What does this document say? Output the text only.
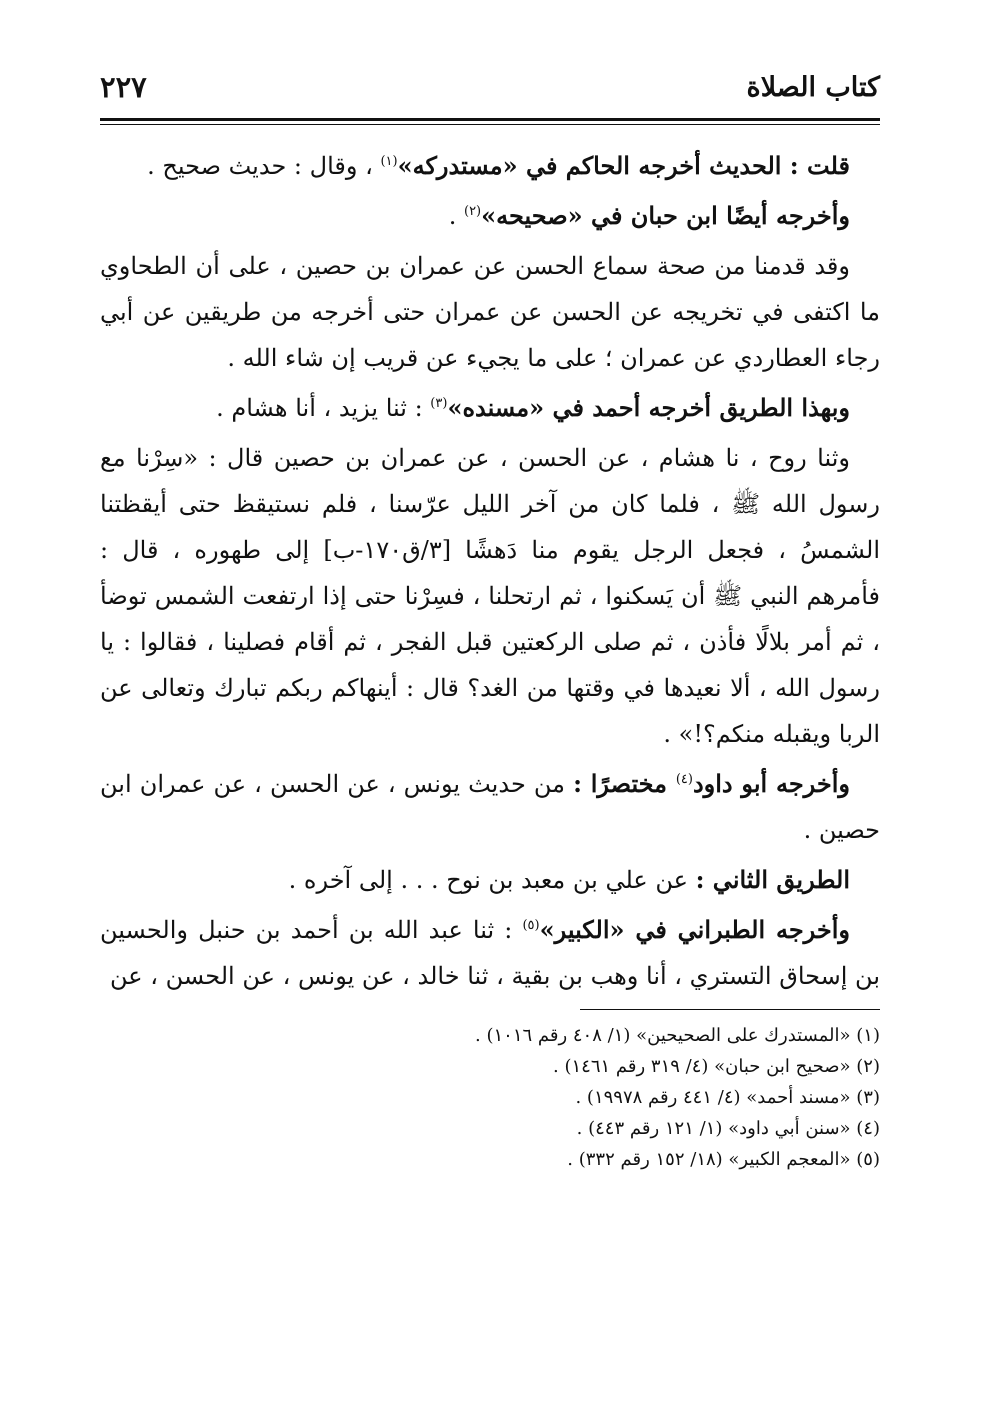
كتاب الصلاة
٢٢٧

قلت : الحديث أخرجه الحاكم في «مستدركه»$^{(١)}$ ، وقال : حديث صحيح .

وأخرجه أيضًا ابن حبان في «صحيحه»$^{(٢)}$ .

وقد قدمنا من صحة سماع الحسن عن عمران بن حصين ، على أن الطحاوي ما اكتفى في تخريجه عن الحسن عن عمران حتى أخرجه من طريقين عن أبي رجاء العطاردي عن عمران ؛ على ما يجيء عن قريب إن شاء الله .

وبهذا الطريق أخرجه أحمد في «مسنده»$^{(٣)}$ : ثنا يزيد ، أنا هشام .

وثنا روح ، نا هشام ، عن الحسن ، عن عمران بن حصين قال : «سِرْنا مع رسول الله ﷺ ، فلما كان من آخر الليل عرّسنا ، فلم نستيقظ حتى أيقظتنا الشمسُ ، فجعل الرجل يقوم منا دَهشًا [٣/ق١٧٠-ب] إلى طهوره ، قال : فأمرهم النبي ﷺ أن يَسكنوا ، ثم ارتحلنا ، فسِرْنا حتى إذا ارتفعت الشمس توضأ ، ثم أمر بلالًا فأذن ، ثم صلى الركعتين قبل الفجر ، ثم أقام فصلينا ، فقالوا : يا رسول الله ، ألا نعيدها في وقتها من الغد؟ قال : أينهاكم ربكم تبارك وتعالى عن الربا ويقبله منكم؟!» .

وأخرجه أبو داود$^{(٤)}$ مختصرًا : من حديث يونس ، عن الحسن ، عن عمران ابن حصين .

الطريق الثاني : عن علي بن معبد بن نوح . . . إلى آخره .

وأخرجه الطبراني في «الكبير»$^{(٥)}$ : ثنا عبد الله بن أحمد بن حنبل والحسين بن إسحاق التستري ، أنا وهب بن بقية ، ثنا خالد ، عن يونس ، عن الحسن ، عن

(١) «المستدرك على الصحيحين» (١/ ٤٠٨ رقم ١٠١٦) .
(٢) «صحيح ابن حبان» (٤/ ٣١٩ رقم ١٤٦١) .
(٣) «مسند أحمد» (٤/ ٤٤١ رقم ١٩٩٧٨) .
(٤) «سنن أبي داود» (١/ ١٢١ رقم ٤٤٣) .
(٥) «المعجم الكبير» (١٨/ ١٥٢ رقم ٣٣٢) .
